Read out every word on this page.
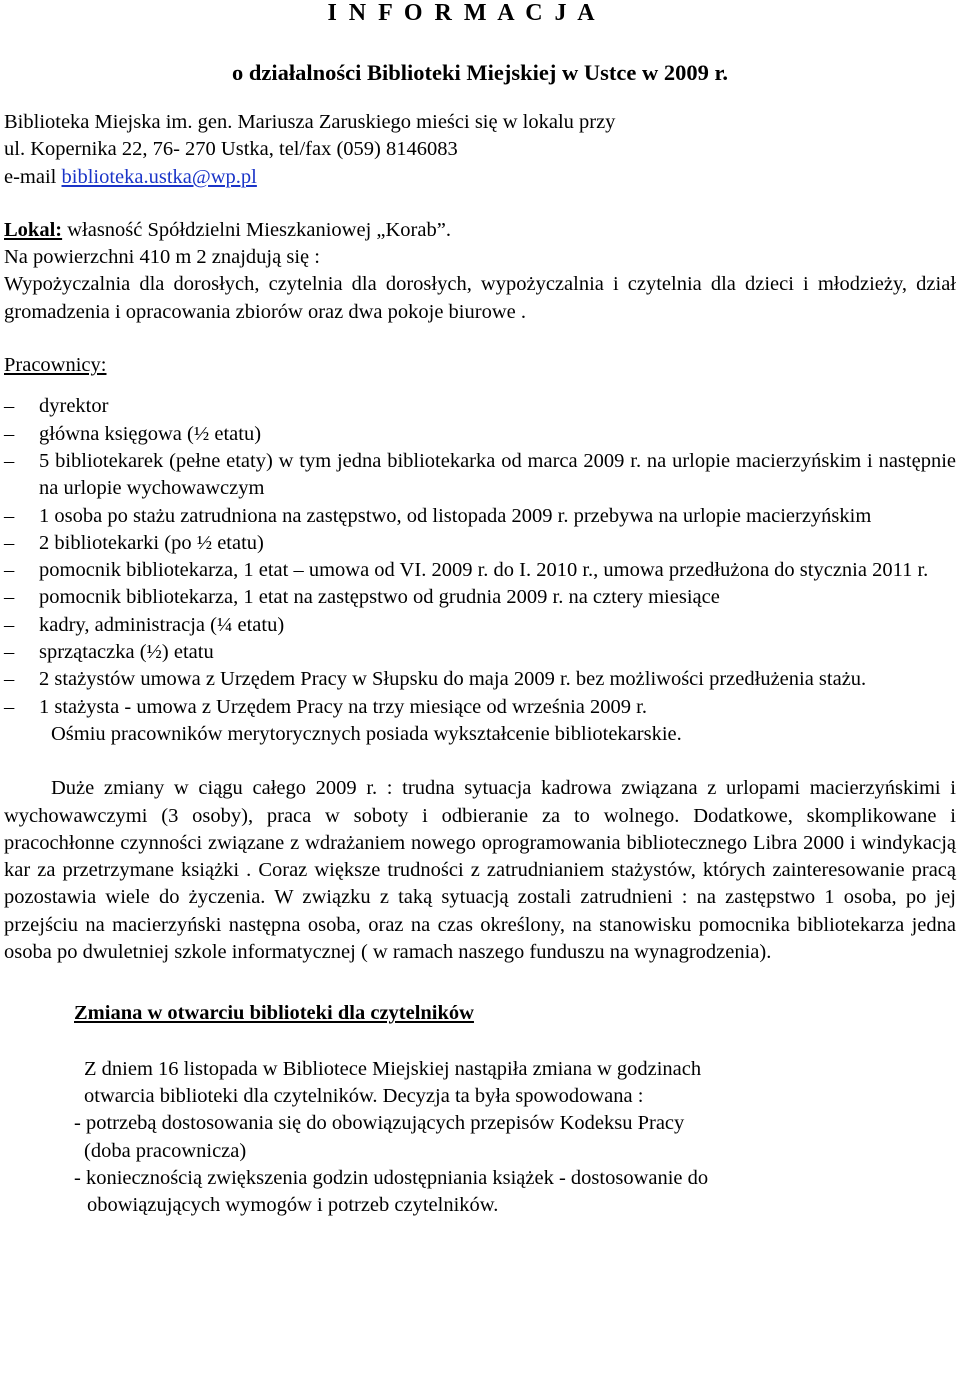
I N F O R M A C J A
o działalności Biblioteki Miejskiej w Ustce w 2009 r.

Biblioteka Miejska im. gen. Mariusza Zaruskiego mieści się w lokalu przy

ul. Kopernika 22, 76- 270 Ustka, tel/fax (059) 8146083

e-mail biblioteka.ustka@wp.pl

Lokal: własność Spółdzielni Mieszkaniowej „Korab”.

Na powierzchni 410 m 2 znajdują się :

Wypożyczalnia dla dorosłych, czytelnia dla dorosłych, wypożyczalnia i czytelnia dla dzieci i młodzieży, dział gromadzenia i opracowania zbiorów oraz dwa pokoje biurowe .

Pracownicy:

– dyrektor
– główna księgowa (½ etatu)
– 5 bibliotekarek (pełne etaty) w tym jedna bibliotekarka od marca 2009 r. na urlopie macierzyńskim i następnie na urlopie wychowawczym
– 1 osoba po stażu zatrudniona na zastępstwo, od listopada 2009 r. przebywa na urlopie macierzyńskim
– 2 bibliotekarki (po ½ etatu)
– pomocnik bibliotekarza, 1 etat – umowa od VI. 2009 r. do I. 2010 r., umowa przedłużona do stycznia 2011 r.
– pomocnik bibliotekarza, 1 etat na zastępstwo od grudnia 2009 r. na cztery miesiące
– kadry, administracja (¼ etatu)
– sprzątaczka (½) etatu
– 2 stażystów umowa z Urzędem Pracy w Słupsku do maja 2009 r. bez możliwości przedłużenia stażu.
– 1 stażysta - umowa z Urzędem Pracy na trzy miesiące od września 2009 r.

Ośmiu pracowników merytorycznych posiada wykształcenie bibliotekarskie.

Duże zmiany w ciągu całego 2009 r. : trudna sytuacja kadrowa związana z urlopami macierzyńskimi i wychowawczymi (3 osoby), praca w soboty i odbieranie za to wolnego. Dodatkowe, skomplikowane i pracochłonne czynności związane z wdrażaniem nowego oprogramowania bibliotecznego Libra 2000 i windykacją kar za przetrzymane książki . Coraz większe trudności z zatrudnianiem stażystów, których zainteresowanie pracą pozostawia wiele do życzenia. W związku z taką sytuacją zostali zatrudnieni : na zastępstwo 1 osoba, po jej przejściu na macierzyński następna osoba, oraz na czas określony, na stanowisku pomocnika bibliotekarza jedna osoba po dwuletniej szkole informatycznej ( w ramach naszego funduszu na wynagrodzenia).

Zmiana w otwarciu biblioteki dla czytelników

Z dniem 16 listopada w Bibliotece Miejskiej nastąpiła zmiana w godzinach

otwarcia biblioteki dla czytelników. Decyzja ta była spowodowana :

- potrzebą dostosowania się do obowiązujących przepisów Kodeksu Pracy

(doba pracownicza)

- koniecznością zwiększenia godzin udostępniania książek - dostosowanie do

obowiązujących wymogów i potrzeb czytelników.
